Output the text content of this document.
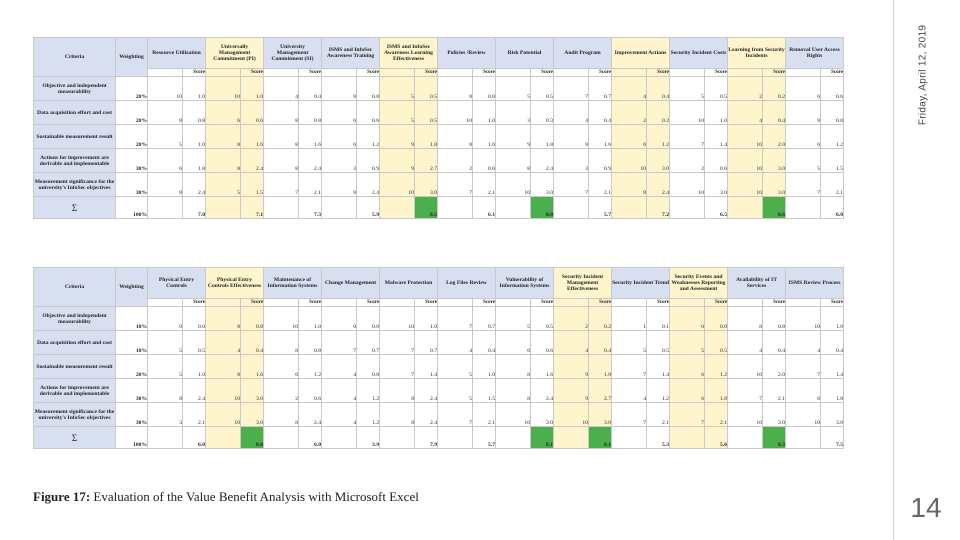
Criteria	Weighting	Resource Utilization		Universally Management Commitment (PI)		University Management Commitment (SI)		ISMS and InfoSec Awareness Training		ISMS and InfoSec Awareness Learning Effectiveness		Policies /Review		Risk Potential		Audit Program		Improvement Actions		Security Incident Costs		Learning from Security Incidents		Removal User Access Rights	
			Score		Score		Score		Score		Score		Score		Score		Score		Score		Score		Score		Score
Objective and independent measurability	20%	10	1.0	10	1.0	4	0.4	8	0.8	5	0.5	8	0.8	5	0.5	7	0.7	4	0.4	5	0.5	2	0.2	6	0.6
Data acquisition effort and cost	20%	8	0.8	6	0.6	8	0.8	6	0.6	5	0.5	10	1.0	3	0.3	4	0.4	2	0.2	10	1.0	4	0.4	8	0.8
Sustainable measurement result	20%	5	1.0	8	1.6	8	1.6	6	1.2	9	1.8	8	1.6	9	1.8	8	1.6	6	1.2	7	1.4	10	2.0	6	1.2
Actions for improvement are derivable and implementable	30%	6	1.8	8	2.4	8	2.4	3	0.9	9	2.7	2	0.6	8	2.4	3	0.9	10	3.0	2	0.6	10	3.0	5	1.5
Measurement significance for the university's InfoSec objectives	30%	8	2.4	5	1.5	7	2.1	8	2.4	10	3.0	7	2.1	10	3.0	7	2.1	8	2.4	10	3.0	10	3.0	7	2.1
Σ	100%		7.0		7.1		7.3		5.9		8.5		6.1		8.0		5.7		7.2		6.5		8.6		6.0
Criteria	Weighting	Physical Entry Controls		Physical Entry Controls Effectiveness		Maintenance of Information Systems		Change Management		Malware Protection		Log Files Review		Vulnerability of Information Systems		Security Incident Management Effectiveness		Security Incident Trend		Security Events and Weaknesses Reporting and Assessment		Availability of IT Services		ISMS Review Process	
			Score		Score		Score		Score		Score		Score		Score		Score		Score		Score		Score		Score
Objective and independent measurability	10%	0	0.0	8	0.8	10	1.0	0	0.0	10	1.0	7	0.7	5	0.5	2	0.2	1	0.1	0	0.0	8	0.8	10	1.0
Data acquisition effort and cost	10%	5	0.5	4	0.4	8	0.8	7	0.7	7	0.7	4	0.4	6	0.6	4	0.4	5	0.5	5	0.5	4	0.4	4	0.4
Sustainable measurement result	20%	5	1.0	8	1.6	6	1.2	4	0.8	7	1.4	5	1.0	8	1.6	9	1.8	7	1.4	6	1.2	10	2.0	7	1.4
Actions for improvement are derivable and implementable	30%	8	2.4	10	3.0	2	0.6	4	1.2	8	2.4	5	1.5	8	2.4	9	2.7	4	1.2	6	1.8	7	2.1	6	1.8
Measurement significance for the university's InfoSec objectives	30%	3	2.1	10	3.0	8	2.4	4	1.2	8	2.4	7	2.1	10	3.0	10	3.0	7	2.1	7	2.1	10	3.0	10	3.0
Σ	100%		6.0		8.8		6.0		3.9		7.9		5.7		8.1		8.1		5.3		5.6		8.3		7.5
Figure 17: Evaluation of the Value Benefit Analysis with Microsoft Excel
Friday, April 12, 2019
14
